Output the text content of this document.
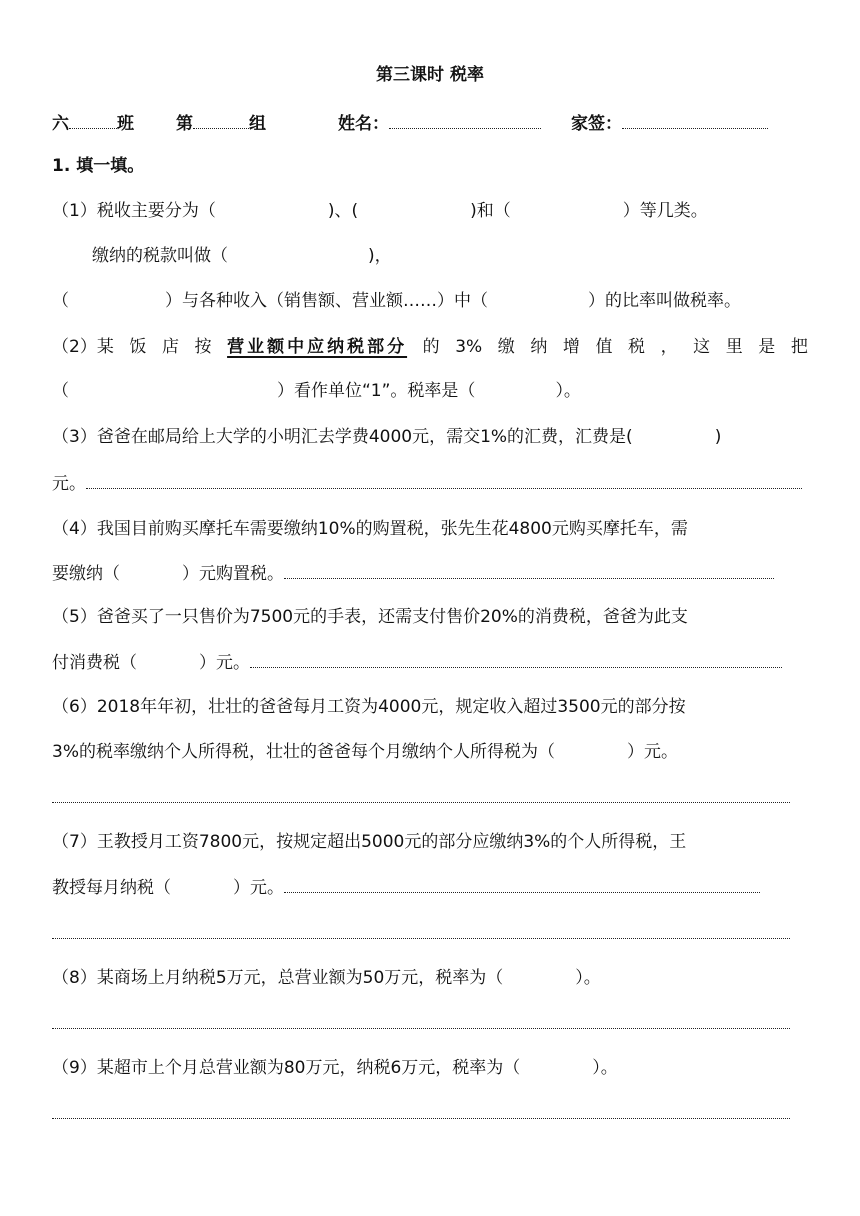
第三课时 税率
六	班 第	组	姓名：	家签：
1. 填一填。
（1）税收主要分为（	)、(	)和（	）等几类。
缴纳的税款叫做（	)，
（	）与各种收入（销售额、营业额……）中（	）的比率叫做税率。
（2）某 饭 店 按 营业额中应纳税部分 的 3% 缴 纳 增 值 税 ， 这 里 是 把
（	）看作单位“1”。税率是（	）。
（3）爸爸在邮局给上大学的小明汇去学费4000元，需交1%的汇费，汇费是(	)
元。
（4）我国目前购买摩托车需要缴纳10%的购置税，张先生花4800元购买摩托车，需
要缴纳（	）元购置税。
（5）爸爸买了一只售价为7500元的手表，还需支付售价20%的消费税，爸爸为此支
付消费税（	）元。
（6）2018年年初，壮壮的爸爸每月工资为4000元，规定收入超过3500元的部分按
3%的税率缴纳个人所得税，壮壮的爸爸每个月缴纳个人所得税为（	）元。
（7）王教授月工资7800元，按规定超出5000元的部分应缴纳3%的个人所得税，王
教授每月纳税（	）元。
（8）某商场上月纳税5万元，总营业额为50万元，税率为（	）。
（9）某超市上个月总营业额为80万元，纳税6万元，税率为（	）。
